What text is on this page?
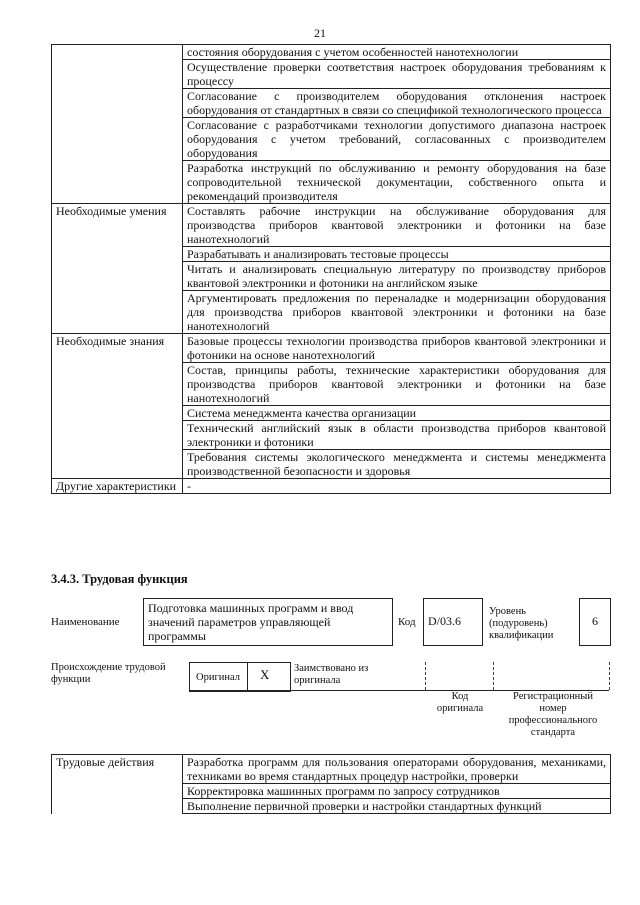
21
	состояния оборудования с учетом особенностей нанотехнологии
	Осуществление проверки соответствия настроек оборудования требованиям к процессу
	Согласование с производителем оборудования отклонения настроек оборудования от стандартных в связи со спецификой технологического процесса
	Согласование с разработчиками технологии допустимого диапазона настроек оборудования с учетом требований, согласованных с производителем оборудования
	Разработка инструкций по обслуживанию и ремонту оборудования на базе сопроводительной технической документации, собственного опыта и рекомендаций производителя
Необходимые умения	Составлять рабочие инструкции на обслуживание оборудования для производства приборов квантовой электроники и фотоники на базе нанотехнологий
	Разрабатывать и анализировать тестовые процессы
	Читать и анализировать специальную литературу по производству приборов квантовой электроники и фотоники на английском языке
	Аргументировать предложения по переналадке и модернизации оборудования для производства приборов квантовой электроники и фотоники на базе нанотехнологий
Необходимые знания	Базовые процессы технологии производства приборов квантовой электроники и фотоники на основе нанотехнологий
	Состав, принципы работы, технические характеристики оборудования для производства приборов квантовой электроники и фотоники на базе нанотехнологий
	Система менеджмента качества организации
	Технический английский язык в области производства приборов квантовой электроники и фотоники
	Требования системы экологического менеджмента и системы менеджмента производственной безопасности и здоровья
Другие характеристики	-
3.4.3. Трудовая функция
Наименование
Подготовка машинных программ и ввод значений параметров управляющей программы
Код	D/03.6
Уровень (подуровень) квалификации
6
Происхождение трудовой функции	Оригинал X Заимствовано из оригинала
Код оригинала
Регистрационный номер профессионального стандарта
Трудовые действия	Разработка программ для пользования операторами оборудования, механиками, техниками во время стандартных процедур настройки, проверки
	Корректировка машинных программ по запросу сотрудников
	Выполнение первичной проверки и настройки стандартных функций
